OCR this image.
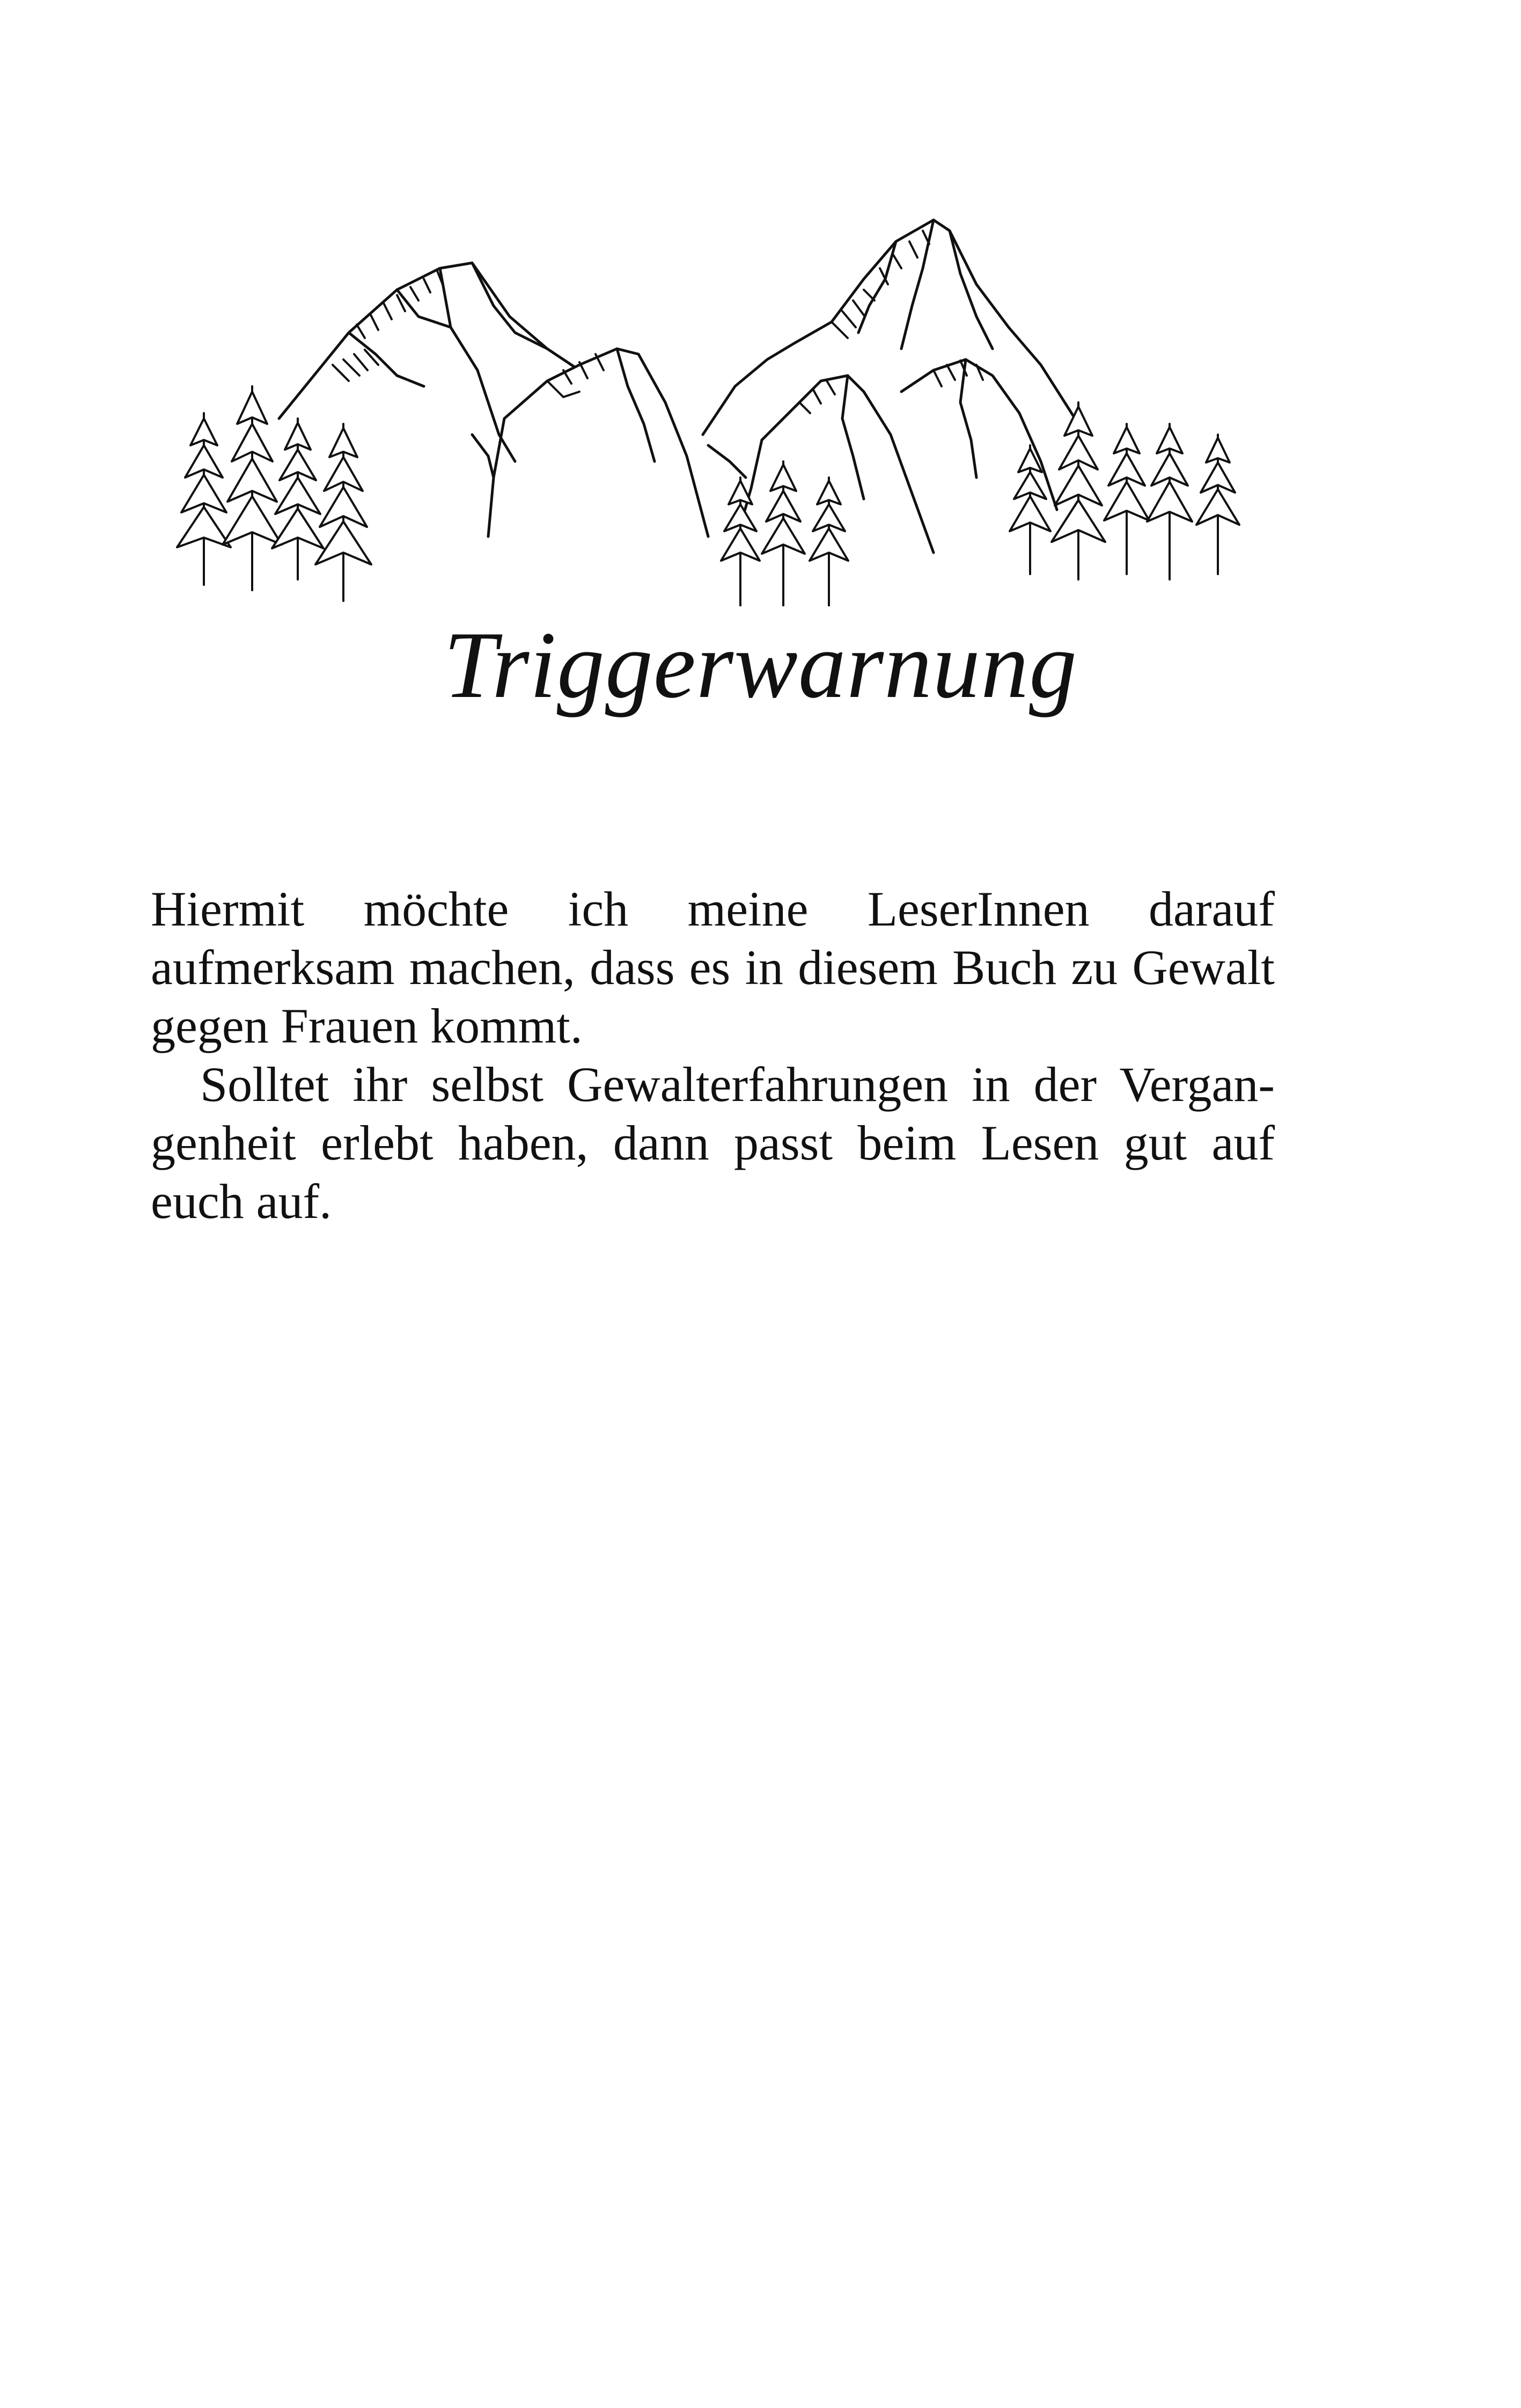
Triggerwarnung

Hiermit möchte ich meine LeserInnen darauf aufmerksam machen, dass es in diesem Buch zu Gewalt gegen Frauen kommt.

Solltet ihr selbst Gewalterfahrungen in der Vergangenheit erlebt haben, dann passt beim Lesen gut auf euch auf.
